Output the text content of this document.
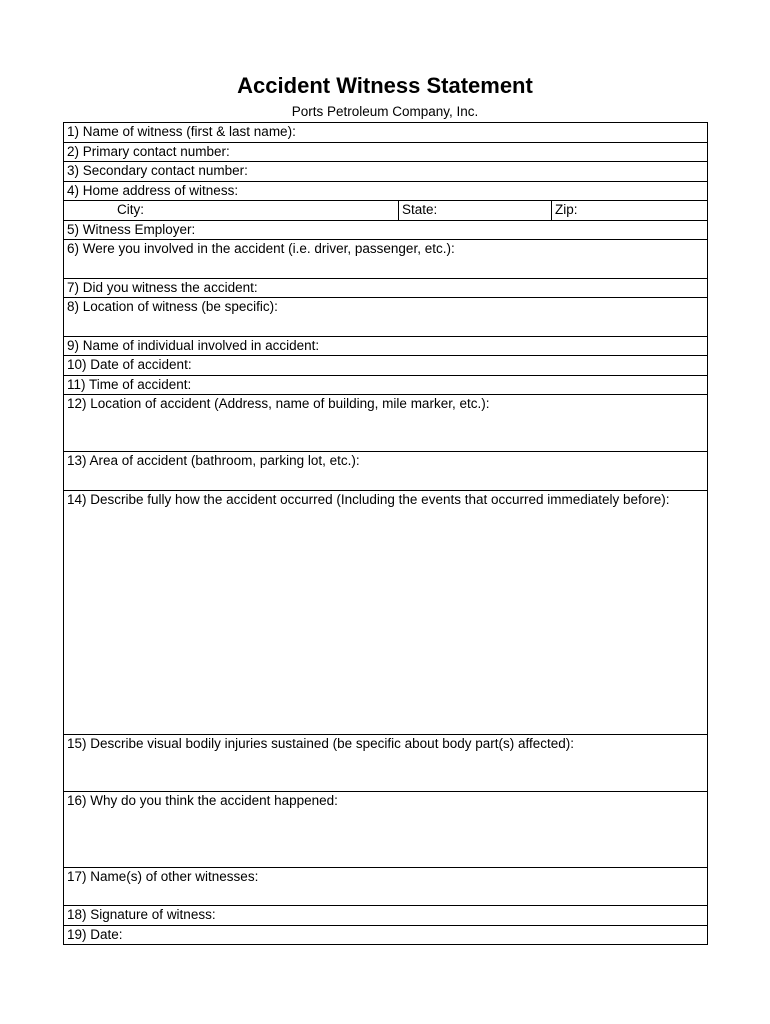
Accident Witness Statement
Ports Petroleum Company, Inc.
1) Name of witness (first & last name):
2) Primary contact number:
3) Secondary contact number:
4) Home address of witness:
City:	State:	Zip:
5) Witness Employer:
6) Were you involved in the accident (i.e. driver, passenger, etc.):
7) Did you witness the accident:
8) Location of witness (be specific):
9) Name of individual involved in accident:
10) Date of accident:
11) Time of accident:
12) Location of accident (Address, name of building, mile marker, etc.):
13) Area of accident (bathroom, parking lot, etc.):
14) Describe fully how the accident occurred (Including the events that occurred immediately before):
15) Describe visual bodily injuries sustained (be specific about body part(s) affected):
16) Why do you think the accident happened:
17) Name(s) of other witnesses:
18) Signature of witness:
19) Date:
